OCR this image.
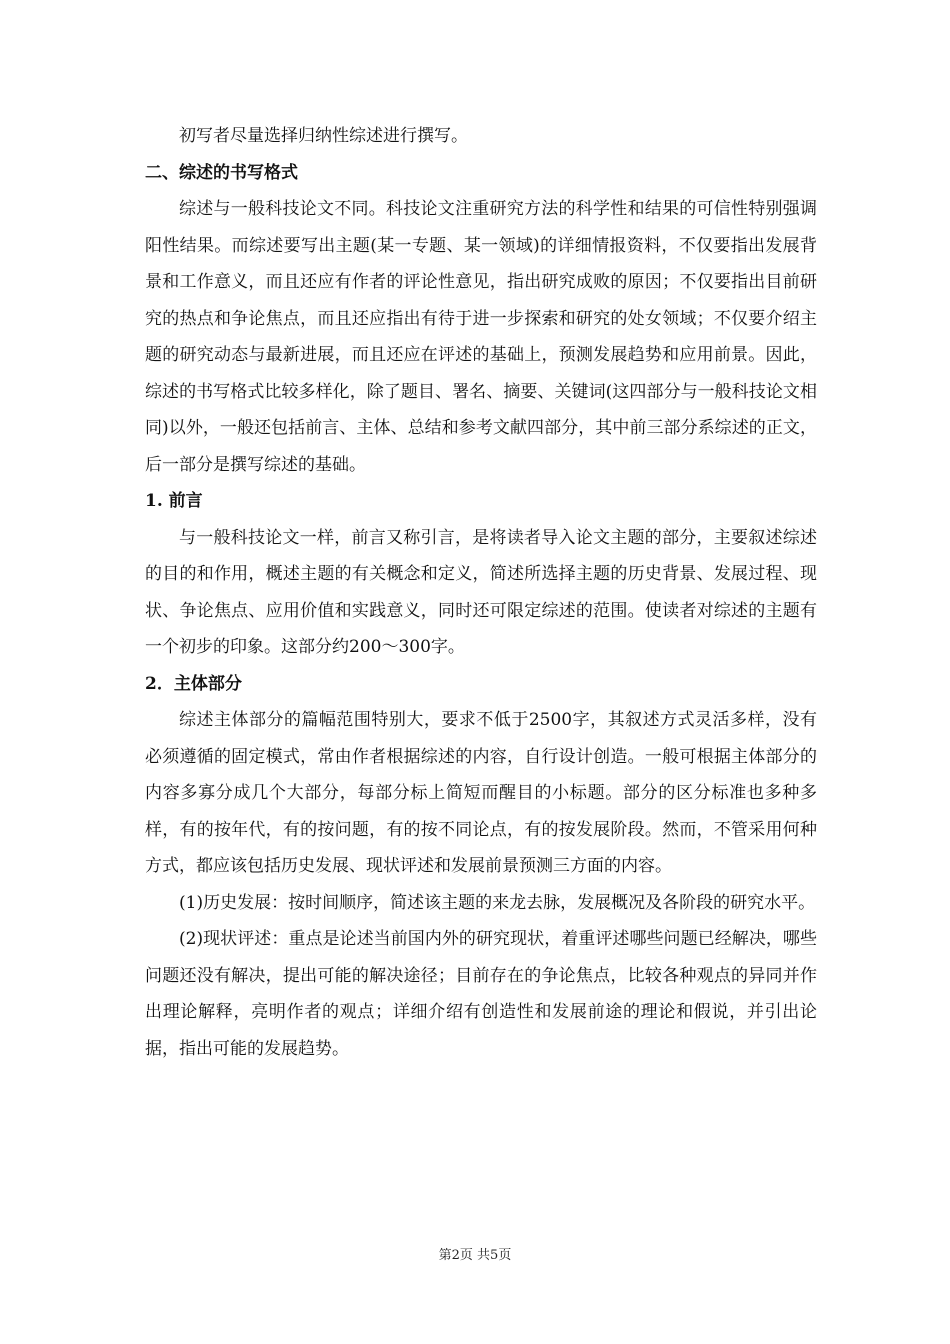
初写者尽量选择归纳性综述进行撰写。

二、综述的书写格式

综述与一般科技论文不同。科技论文注重研究方法的科学性和结果的可信性特别强调阳性结果。而综述要写出主题(某一专题、某一领域)的详细情报资料，不仅要指出发展背景和工作意义，而且还应有作者的评论性意见，指出研究成败的原因；不仅要指出目前研究的热点和争论焦点，而且还应指出有待于进一步探索和研究的处女领域；不仅要介绍主题的研究动态与最新进展，而且还应在评述的基础上，预测发展趋势和应用前景。因此，综述的书写格式比较多样化，除了题目、署名、摘要、关键词(这四部分与一般科技论文相同)以外，一般还包括前言、主体、总结和参考文献四部分，其中前三部分系综述的正文，后一部分是撰写综述的基础。

1. 前言

与一般科技论文一样，前言又称引言，是将读者导入论文主题的部分，主要叙述综述的目的和作用，概述主题的有关概念和定义，简述所选择主题的历史背景、发展过程、现状、争论焦点、应用价值和实践意义，同时还可限定综述的范围。使读者对综述的主题有一个初步的印象。这部分约200～300字。

2．主体部分

综述主体部分的篇幅范围特别大，要求不低于2500字，其叙述方式灵活多样，没有必须遵循的固定模式，常由作者根据综述的内容，自行设计创造。一般可根据主体部分的内容多寡分成几个大部分，每部分标上简短而醒目的小标题。部分的区分标准也多种多样，有的按年代，有的按问题，有的按不同论点，有的按发展阶段。然而，不管采用何种方式，都应该包括历史发展、现状评述和发展前景预测三方面的内容。

(1)历史发展：按时间顺序，简述该主题的来龙去脉，发展概况及各阶段的研究水平。

(2)现状评述：重点是论述当前国内外的研究现状，着重评述哪些问题已经解决，哪些问题还没有解决，提出可能的解决途径；目前存在的争论焦点，比较各种观点的异同并作出理论解释，亮明作者的观点；详细介绍有创造性和发展前途的理论和假说，并引出论据，指出可能的发展趋势。

第2页 共5页
